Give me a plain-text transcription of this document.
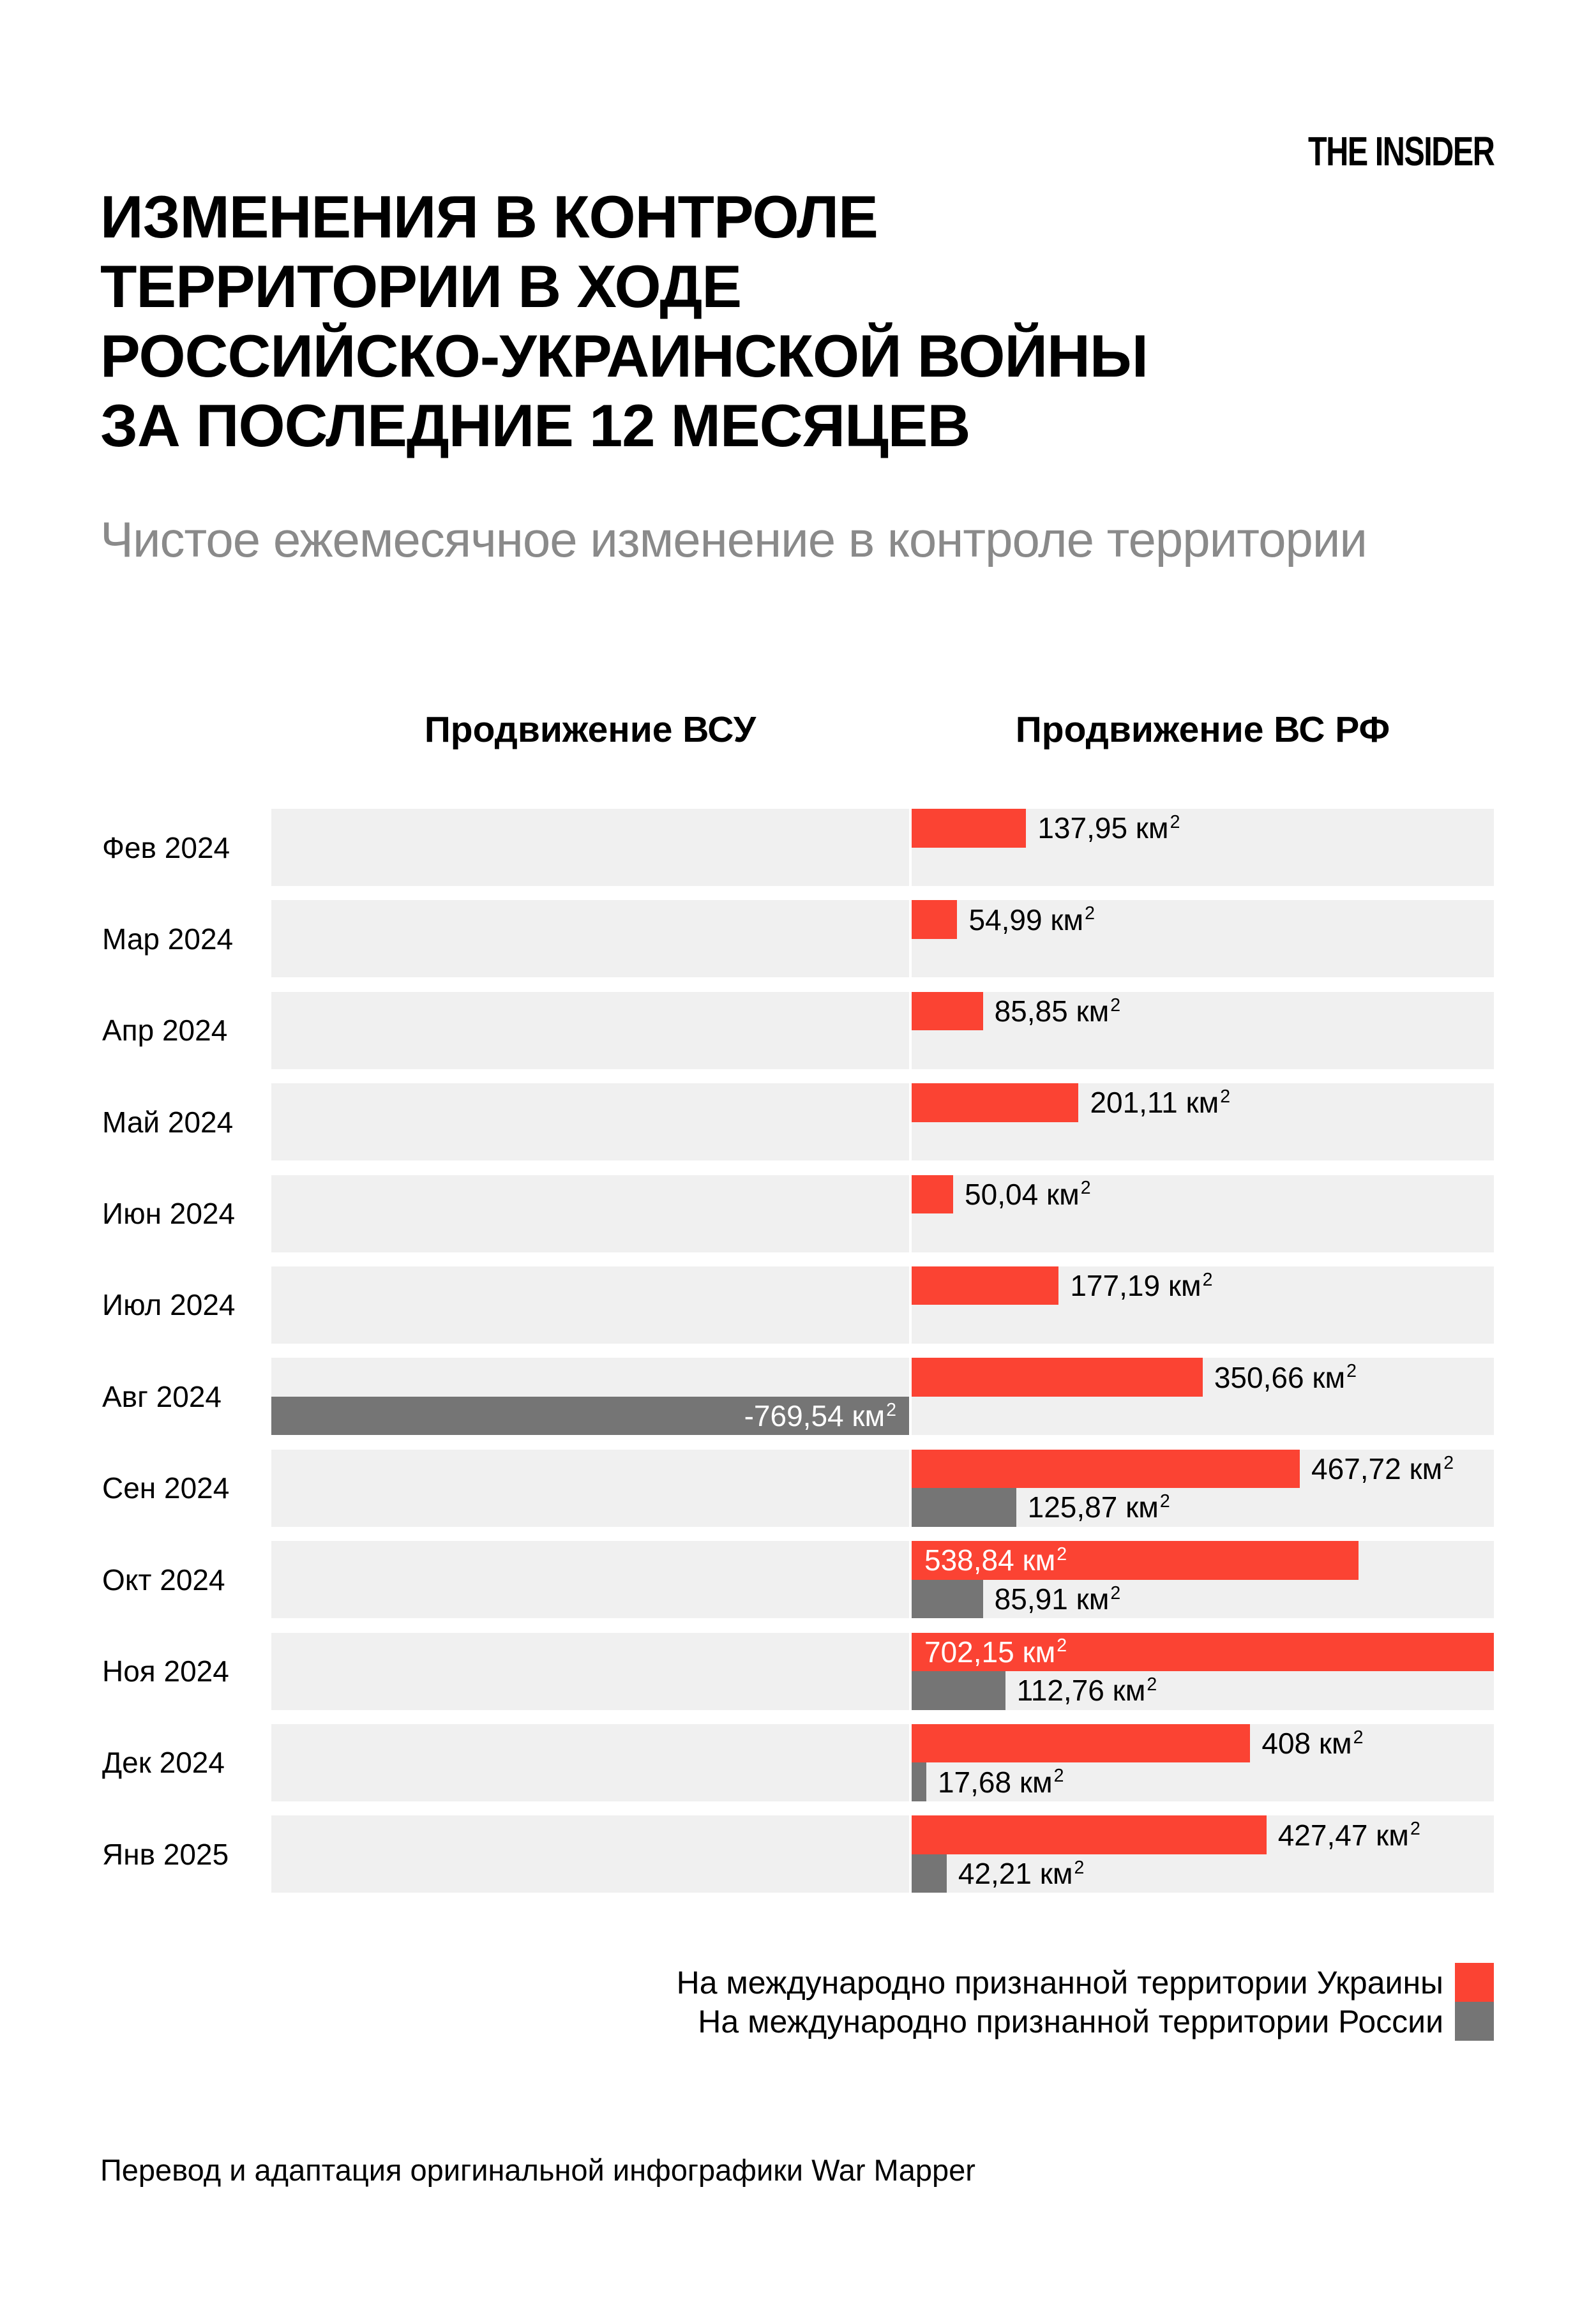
THE INSIDER
ИЗМЕНЕНИЯ В КОНТРОЛЕ
ТЕРРИТОРИИ В ХОДЕ
РОССИЙСКО-УКРАИНСКОЙ ВОЙНЫ
ЗА ПОСЛЕДНИЕ 12 МЕСЯЦЕВ
Чистое ежемесячное изменение в контроле территории
Продвижение ВСУ	Продвижение ВС РФ
Фев 2024
137,95 $км^2$
Мар 2024
54,99 $км^2$
Апр 2024
85,85 $км^2$
Май 2024
201,11 $км^2$
Июн 2024
50,04 $км^2$
Июл 2024
177,19 $км^2$
Авг 2024
350,66 $км^2$
-769,54 $км^2$
Сен 2024
467,72 $км^2$
125,87 $км^2$
Окт 2024
538,84 $км^2$
85,91 $км^2$
Ноя 2024
702,15 $км^2$
112,76 $км^2$
Дек 2024
408 $км^2$
17,68 $км^2$
Янв 2025
427,47 $км^2$
42,21 $км^2$
На международно признанной территории Украины
На международно признанной территории России
Перевод и адаптация оригинальной инфографики War Mapper
